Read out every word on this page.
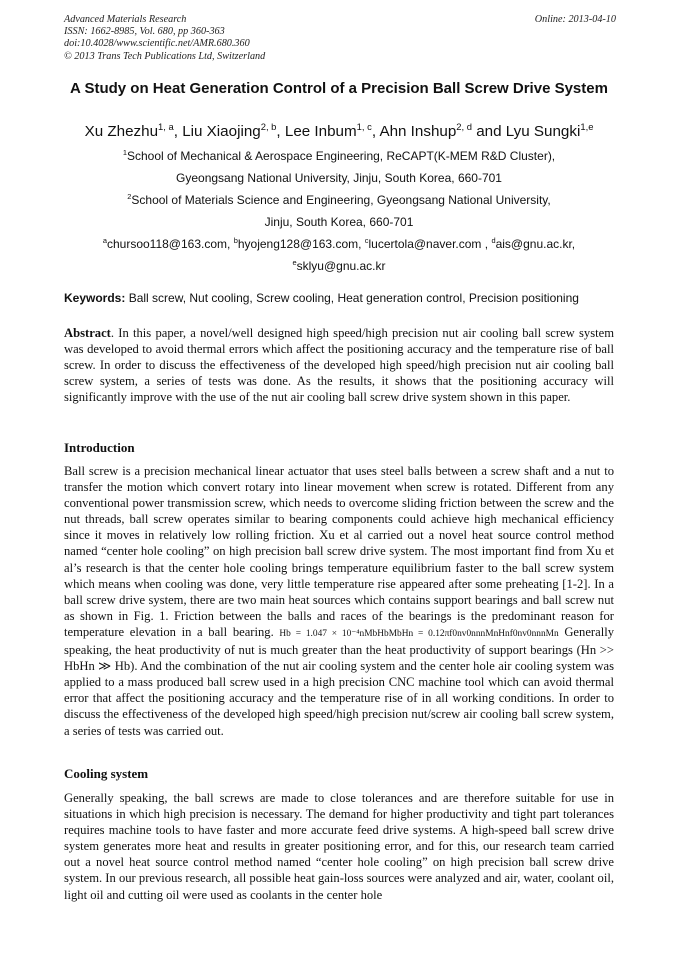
Advanced Materials Research
ISSN: 1662-8985, Vol. 680, pp 360-363
doi:10.4028/www.scientific.net/AMR.680.360
© 2013 Trans Tech Publications Ltd, Switzerland
Online: 2013-04-10
A Study on Heat Generation Control of a Precision Ball Screw Drive System
Xu Zhezhu$^{1, a}$, Liu Xiaojing$^{2, b}$, Lee Inbum$^{1, c}$, Ahn Inshup$^{2, d}$ and Lyu Sungki$^{1,e}$
$^1$School of Mechanical & Aerospace Engineering, ReCAPT(K-MEM R&D Cluster),
Gyeongsang National University, Jinju, South Korea, 660-701
$^2$School of Materials Science and Engineering, Gyeongsang National University,
Jinju, South Korea, 660-701
$^a$chursoo118@163.com, $^b$hyojeng128@163.com, $^c$lucertola@naver.com , $^d$ais@gnu.ac.kr,
$^e$sklyu@gnu.ac.kr
Keywords: Ball screw, Nut cooling, Screw cooling, Heat generation control, Precision positioning
Abstract. In this paper, a novel/well designed high speed/high precision nut air cooling ball screw system was developed to avoid thermal errors which affect the positioning accuracy and the temperature rise of ball screw. In order to discuss the effectiveness of the developed high speed/high precision nut air cooling ball screw system, a series of tests was done. As the results, it shows that the positioning accuracy will significantly improve with the use of the nut air cooling ball screw drive system shown in this paper.
Introduction
Ball screw is a precision mechanical linear actuator that uses steel balls between a screw shaft and a nut to transfer the motion which convert rotary into linear movement when screw is rotated. Different from any conventional power transmission screw, which needs to overcome sliding friction between the screw and the nut threads, ball screw operates similar to bearing components could achieve high mechanical efficiency since it moves in relatively low rolling friction. Xu et al carried out a novel heat source control method named “center hole cooling” on high precision ball screw drive system. The most important find from Xu et al’s research is that the center hole cooling brings temperature equilibrium faster to the ball screw system which means when cooling was done, very little temperature rise appeared after some preheating [1-2]. In a ball screw drive system, there are two main heat sources which contains support bearings and ball screw nut as shown in Fig. 1. Friction between the balls and races of the bearings is the predominant reason for temperature elevation in a ball bearing. Hb = 1.047 × 10⁻⁴nMbHbMbHn = 0.12πf0nv0nnnMnHnf0nv0nnnMn Generally speaking, the heat productivity of nut is much greater than the heat productivity of support bearings (Hn >> HbHn ≫ Hb). And the combination of the nut air cooling system and the center hole air cooling system was applied to a mass produced ball screw used in a high precision CNC machine tool which can avoid thermal error that affect the positioning accuracy and the temperature rise of in all working conditions. In order to discuss the effectiveness of the developed high speed/high precision nut/screw air cooling ball screw system, a series of tests was carried out.
Cooling system
Generally speaking, the ball screws are made to close tolerances and are therefore suitable for use in situations in which high precision is necessary. The demand for higher productivity and tight part tolerances requires machine tools to have faster and more accurate feed drive systems. A high-speed ball screw drive system generates more heat and results in greater positioning error, and for this, our research team carried out a novel heat source control method named “center hole cooling” on high precision ball screw drive system. In our previous research, all possible heat gain-loss sources were analyzed and air, water, coolant oil, light oil and cutting oil were used as coolants in the center hole
